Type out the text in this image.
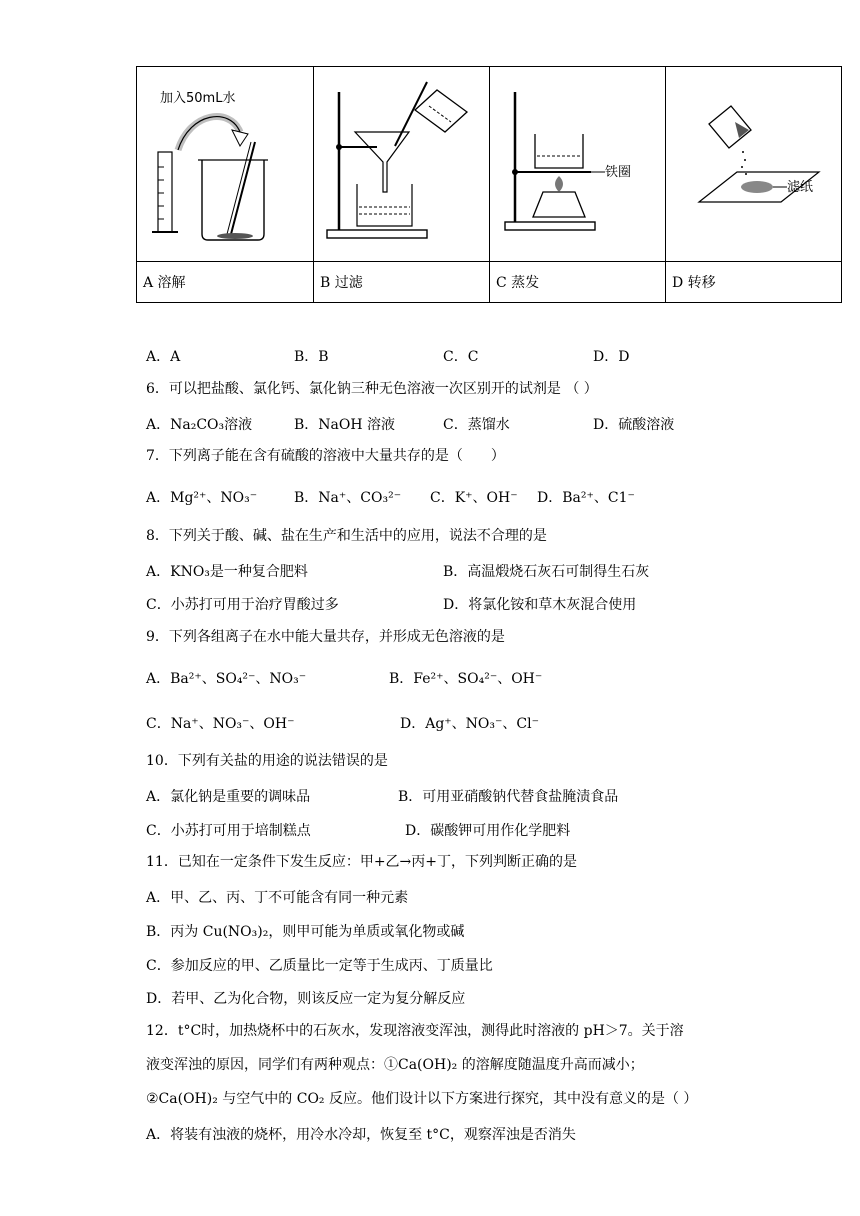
加入50mL水		铁圈	滤纸

A 溶解	B 过滤	C 蒸发	D 转移
A．A	B．B	C．C	D．D
6．可以把盐酸、氯化钙、氯化钠三种无色溶液一次区别开的试剂是 （ ）
A．Na₂CO₃溶液	B．NaOH 溶液	C．蒸馏水	D．硫酸溶液
7．下列离子能在含有硫酸的溶液中大量共存的是（　　）
A．Mg²⁺、NO₃⁻	B．Na⁺、CO₃²⁻ C．K⁺、OH⁻ D．Ba²⁺、C1⁻
8．下列关于酸、碱、盐在生产和生活中的应用，说法不合理的是
A．KNO₃是一种复合肥料	B．高温煅烧石灰石可制得生石灰
C．小苏打可用于治疗胃酸过多	D．将氯化铵和草木灰混合使用
9．下列各组离子在水中能大量共存，并形成无色溶液的是
A．Ba²⁺、SO₄²⁻、NO₃⁻	B．Fe²⁺、SO₄²⁻、OH⁻
C．Na⁺、NO₃⁻、OH⁻	D．Ag⁺、NO₃⁻、Cl⁻
10．下列有关盐的用途的说法错误的是
A．氯化钠是重要的调味品	B．可用亚硝酸钠代替食盐腌渍食品
C．小苏打可用于培制糕点	D．碳酸钾可用作化学肥料
11．已知在一定条件下发生反应：甲+乙→丙+丁，下列判断正确的是
A．甲、乙、丙、丁不可能含有同一种元素
B．丙为 Cu(NO₃)₂，则甲可能为单质或氧化物或碱
C．参加反应的甲、乙质量比一定等于生成丙、丁质量比
D．若甲、乙为化合物，则该反应一定为复分解反应
12．t°C时，加热烧杯中的石灰水，发现溶液变浑浊，测得此时溶液的 pH＞7。关于溶
液变浑浊的原因，同学们有两种观点：①Ca(OH)₂ 的溶解度随温度升高而减小；
②Ca(OH)₂ 与空气中的 CO₂ 反应。他们设计以下方案进行探究，其中没有意义的是（ ）
A．将装有浊液的烧杯，用冷水冷却，恢复至 t°C，观察浑浊是否消失
